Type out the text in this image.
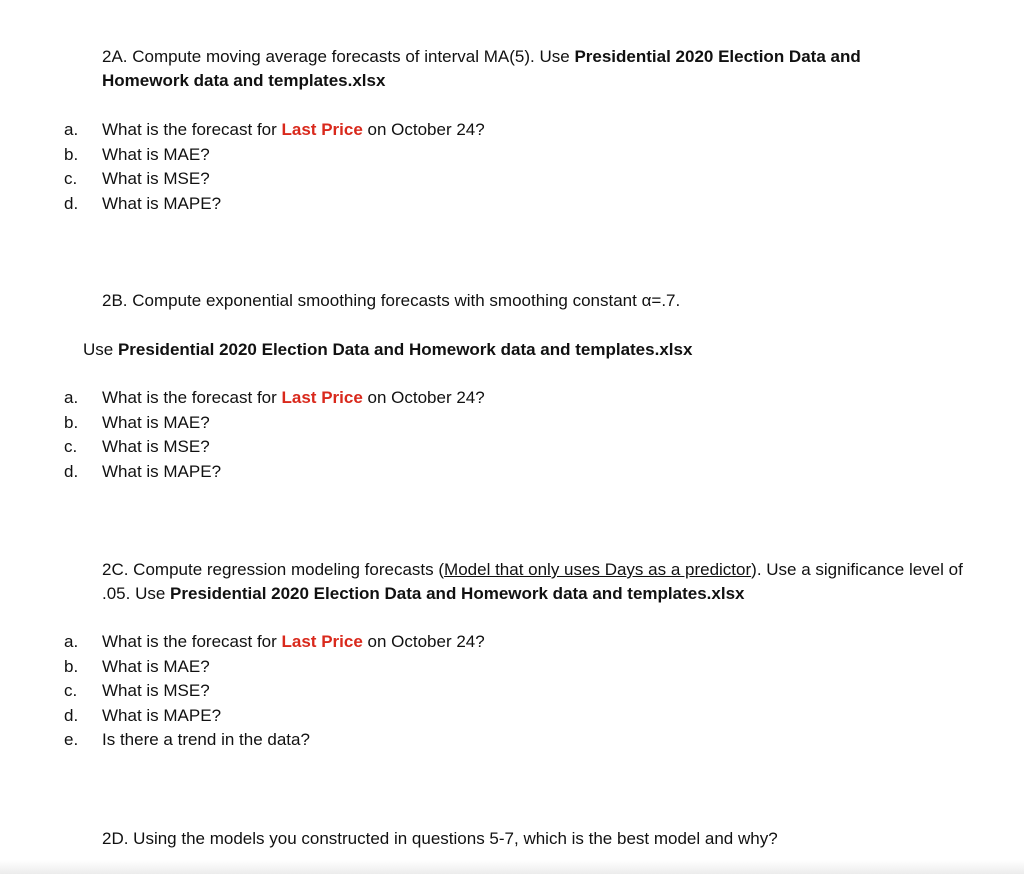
2A. Compute moving average forecasts of interval MA(5). Use Presidential 2020 Election Data and Homework data and templates.xlsx

a. What is the forecast for Last Price on October 24?
b. What is MAE?
c. What is MSE?
d. What is MAPE?

2B. Compute exponential smoothing forecasts with smoothing constant α=.7.

Use Presidential 2020 Election Data and Homework data and templates.xlsx

a. What is the forecast for Last Price on October 24?
b. What is MAE?
c. What is MSE?
d. What is MAPE?

2C. Compute regression modeling forecasts (Model that only uses Days as a predictor). Use a significance level of .05. Use Presidential 2020 Election Data and Homework data and templates.xlsx

a. What is the forecast for Last Price on October 24?
b. What is MAE?
c. What is MSE?
d. What is MAPE?
e. Is there a trend in the data?

2D. Using the models you constructed in questions 5-7, which is the best model and why?
